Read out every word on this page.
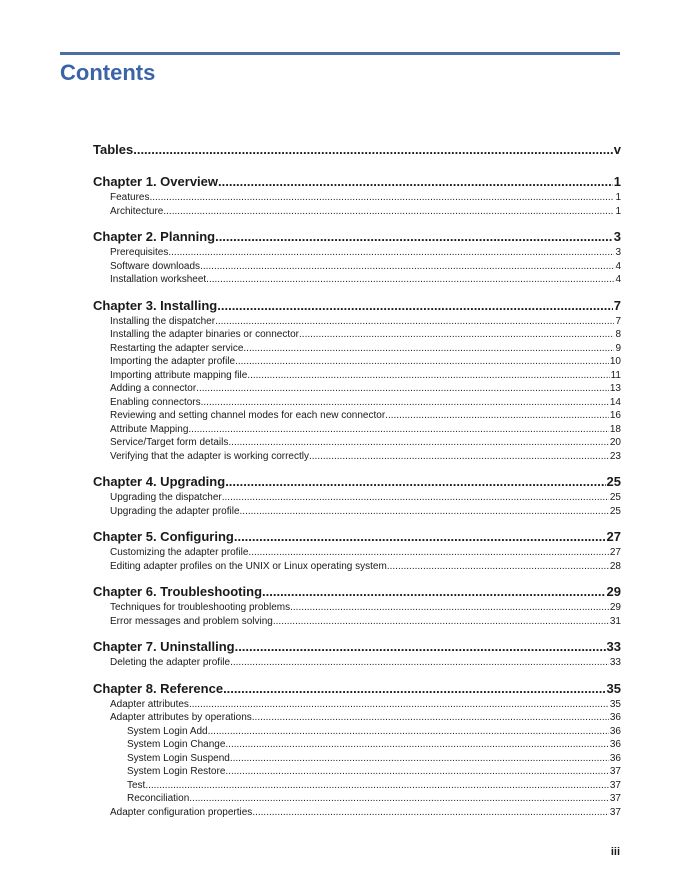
Contents
Tables .....	v
Chapter 1. Overview .....	1
Features .....	1
Architecture .....	1
Chapter 2. Planning .....	3
Prerequisites .....	3
Software downloads .....	4
Installation worksheet .....	4
Chapter 3. Installing .....	7
Installing the dispatcher .....	7
Installing the adapter binaries or connector .....	8
Restarting the adapter service .....	9
Importing the adapter profile .....	10
Importing attribute mapping file .....	11
Adding a connector .....	13
Enabling connectors .....	14
Reviewing and setting channel modes for each new connector .....	16
Attribute Mapping .....	18
Service/Target form details .....	20
Verifying that the adapter is working correctly .....	23
Chapter 4. Upgrading .....	25
Upgrading the dispatcher .....	25
Upgrading the adapter profile .....	25
Chapter 5. Configuring .....	27
Customizing the adapter profile .....	27
Editing adapter profiles on the UNIX or Linux operating system .....	28
Chapter 6. Troubleshooting .....	29
Techniques for troubleshooting problems .....	29
Error messages and problem solving .....	31
Chapter 7. Uninstalling .....	33
Deleting the adapter profile .....	33
Chapter 8. Reference .....	35
Adapter attributes .....	35
Adapter attributes by operations .....	36
System Login Add .....	36
System Login Change .....	36
System Login Suspend .....	36
System Login Restore .....	37
Test .....	37
Reconciliation .....	37
Adapter configuration properties .....	37
iii
